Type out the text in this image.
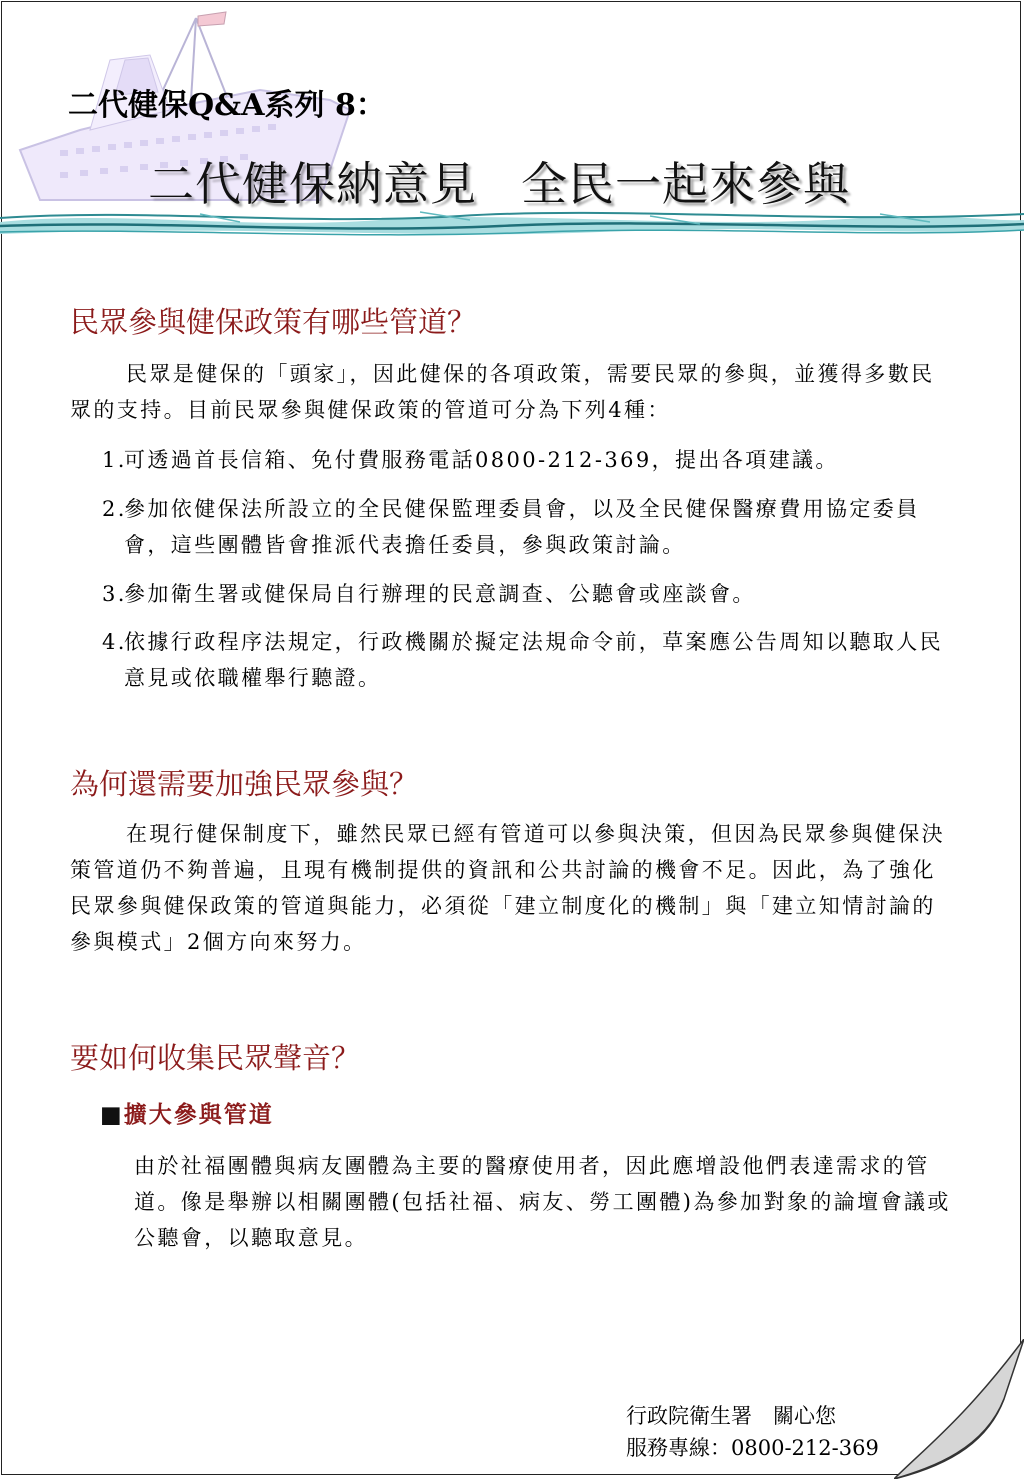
二代健保Q&A系列 8：
二代健保納意見 全民一起來參與
民眾參與健保政策有哪些管道？
民眾是健保的「頭家」，因此健保的各項政策，需要民眾的參與，並獲得多數民眾的支持。目前民眾參與健保政策的管道可分為下列4種：
1.
可透過首長信箱、免付費服務電話0800-212-369，提出各項建議。
2.
參加依健保法所設立的全民健保監理委員會，以及全民健保醫療費用協定委員會，這些團體皆會推派代表擔任委員，參與政策討論。
3.
參加衛生署或健保局自行辦理的民意調查、公聽會或座談會。
4.
依據行政程序法規定，行政機關於擬定法規命令前，草案應公告周知以聽取人民意見或依職權舉行聽證。
為何還需要加強民眾參與？
在現行健保制度下，雖然民眾已經有管道可以參與決策，但因為民眾參與健保決策管道仍不夠普遍，且現有機制提供的資訊和公共討論的機會不足。因此，為了強化民眾參與健保政策的管道與能力，必須從「建立制度化的機制」與「建立知情討論的參與模式」2個方向來努力。
要如何收集民眾聲音？
■擴大參與管道
由於社福團體與病友團體為主要的醫療使用者，因此應增設他們表達需求的管道。像是舉辦以相關團體(包括社福、病友、勞工團體)為參加對象的論壇會議或公聽會，以聽取意見。
行政院衛生署　關心您
服務專線：0800-212-369
